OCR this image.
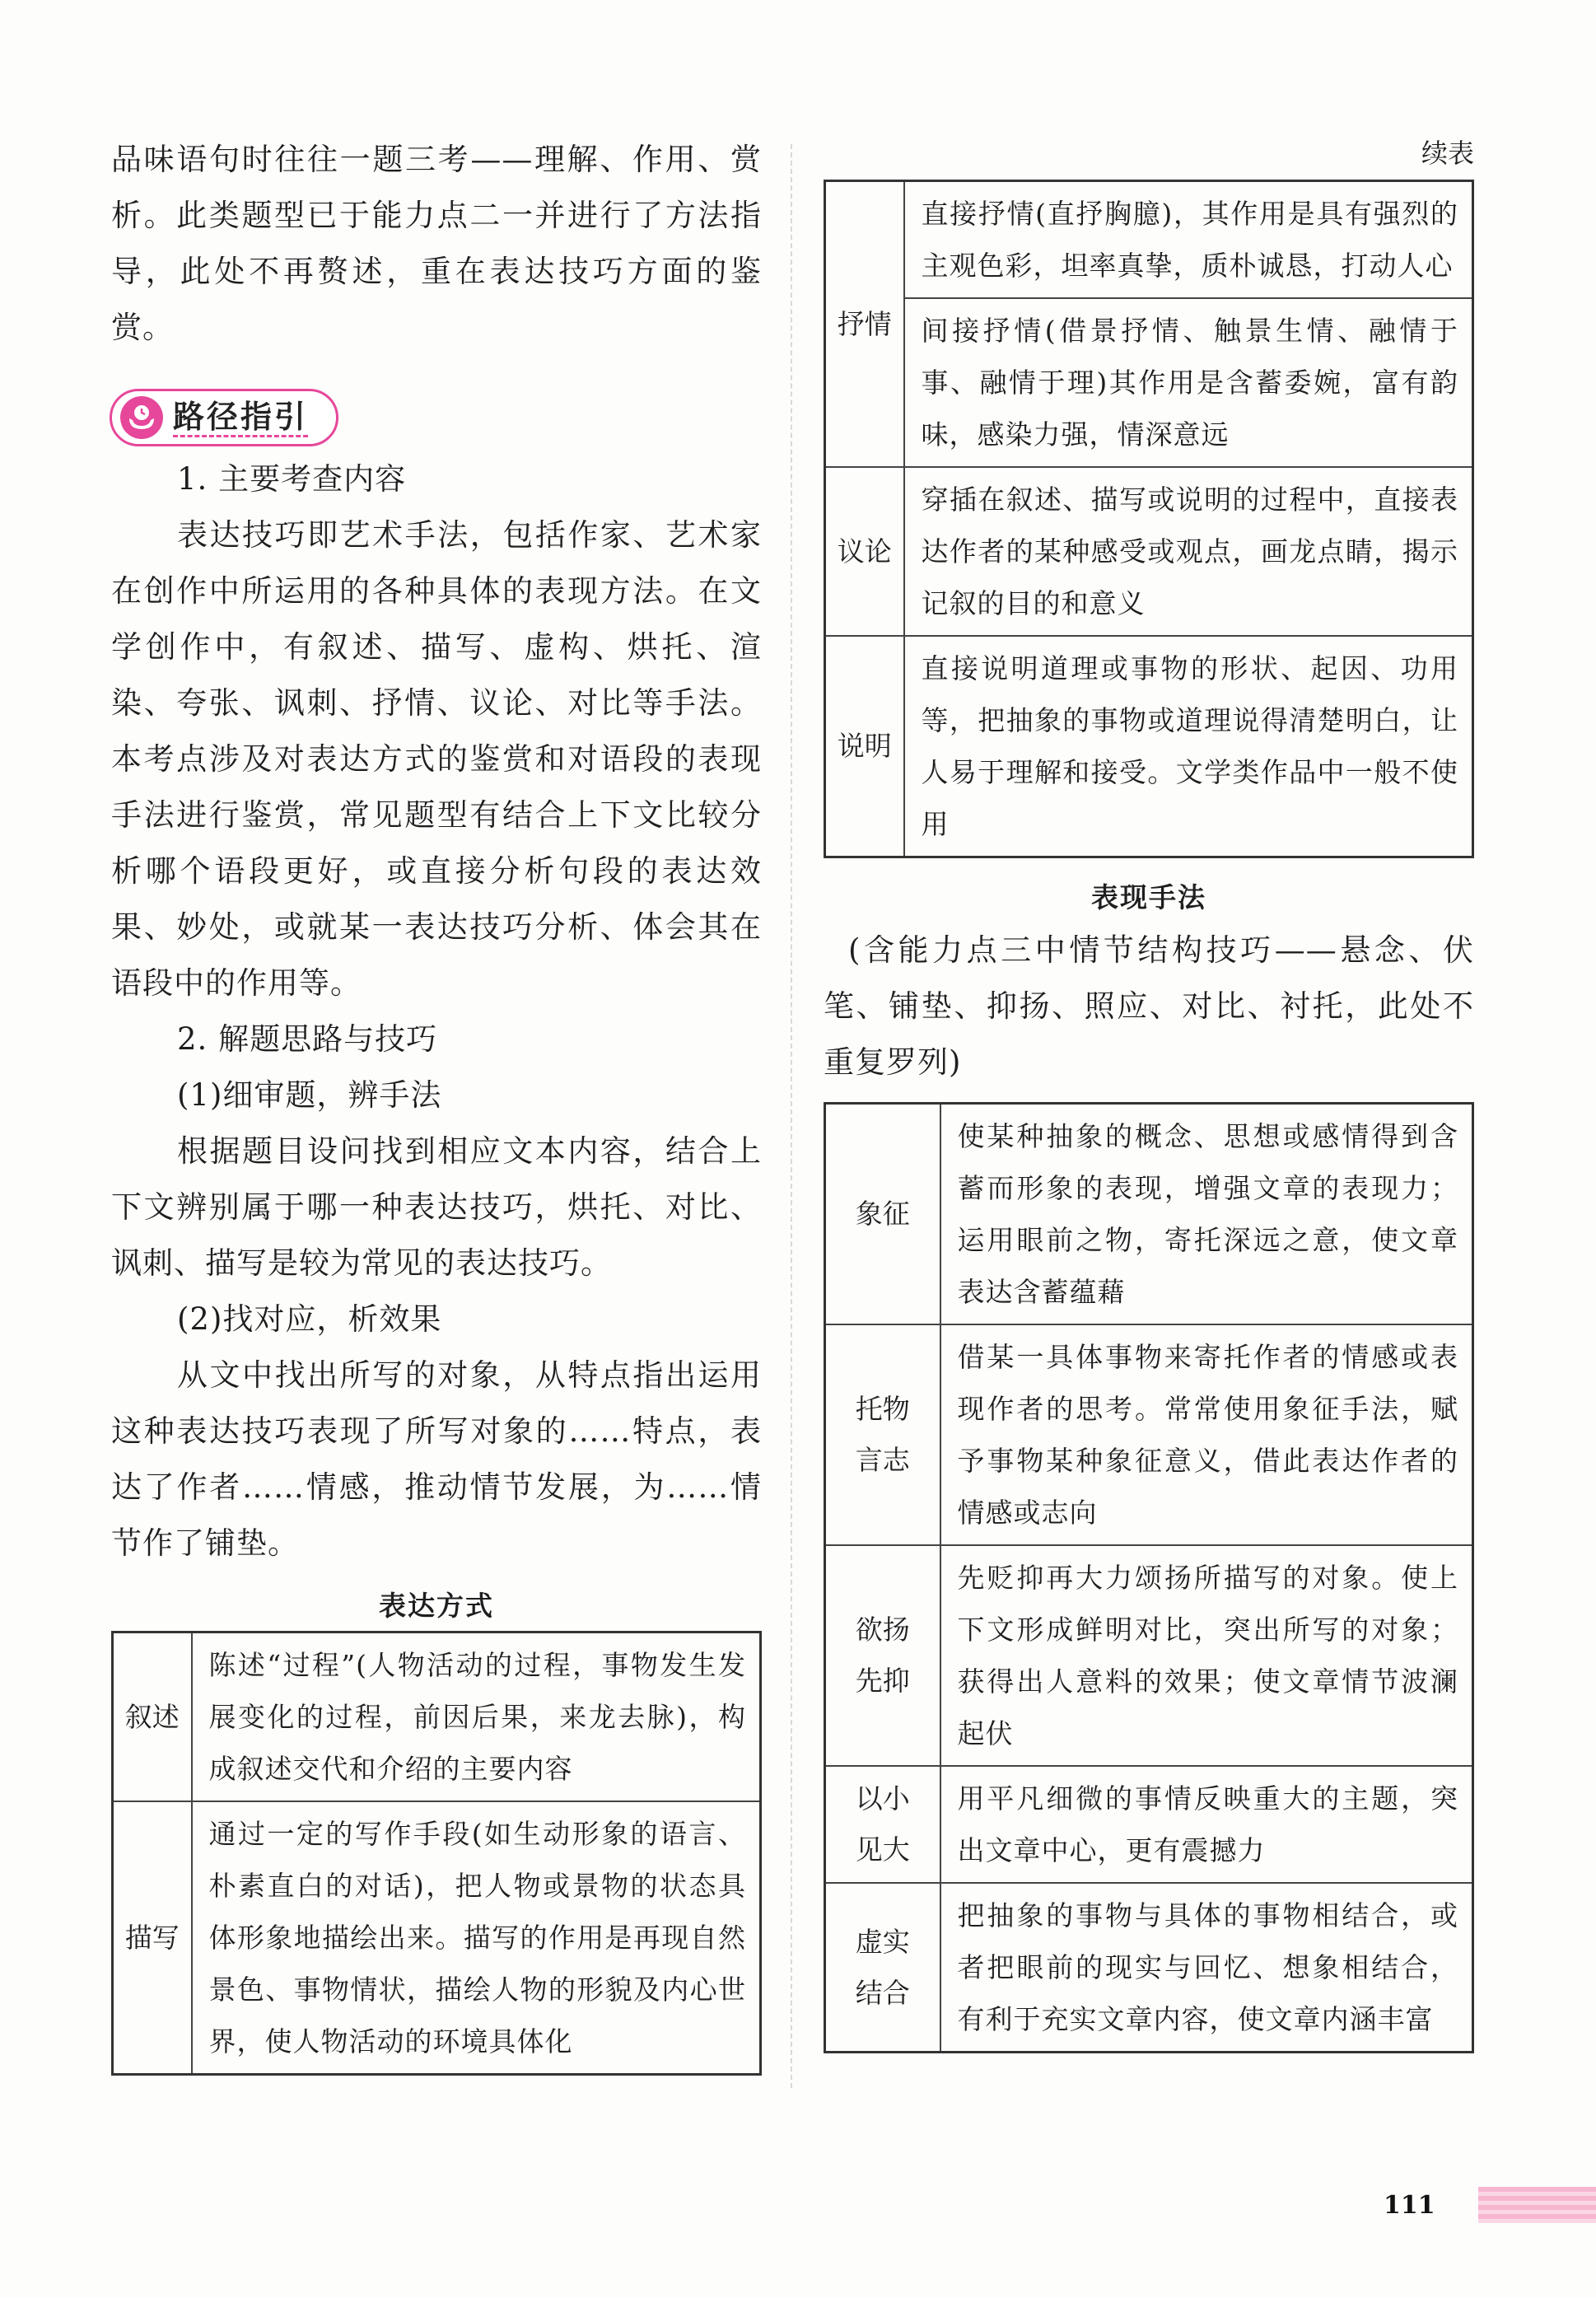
品味语句时往往一题三考——理解、作用、赏析。此类题型已于能力点二一并进行了方法指导，此处不再赘述，重在表达技巧方面的鉴赏。

路径指引

1. 主要考查内容

表达技巧即艺术手法，包括作家、艺术家在创作中所运用的各种具体的表现方法。在文学创作中，有叙述、描写、虚构、烘托、渲染、夸张、讽刺、抒情、议论、对比等手法。本考点涉及对表达方式的鉴赏和对语段的表现手法进行鉴赏，常见题型有结合上下文比较分析哪个语段更好，或直接分析句段的表达效果、妙处，或就某一表达技巧分析、体会其在语段中的作用等。

2. 解题思路与技巧

(1)细审题，辨手法

根据题目设问找到相应文本内容，结合上下文辨别属于哪一种表达技巧，烘托、对比、讽刺、描写是较为常见的表达技巧。

(2)找对应，析效果

从文中找出所写的对象，从特点指出运用这种表达技巧表现了所写对象的……特点，表达了作者……情感，推动情节发展，为……情节作了铺垫。

表达方式
叙述	陈述“过程”(人物活动的过程，事物发生发展变化的过程，前因后果，来龙去脉)，构成叙述交代和介绍的主要内容
描写	通过一定的写作手段(如生动形象的语言、朴素直白的对话)，把人物或景物的状态具体形象地描绘出来。描写的作用是再现自然景色、事物情状，描绘人物的形貌及内心世界，使人物活动的环境具体化
续表
抒情	直接抒情(直抒胸臆)，其作用是具有强烈的主观色彩，坦率真挚，质朴诚恳，打动人心
	间接抒情(借景抒情、触景生情、融情于事、融情于理)其作用是含蓄委婉，富有韵味，感染力强，情深意远
议论	穿插在叙述、描写或说明的过程中，直接表达作者的某种感受或观点，画龙点睛，揭示记叙的目的和意义
说明	直接说明道理或事物的形状、起因、功用等，把抽象的事物或道理说得清楚明白，让人易于理解和接受。文学类作品中一般不使用
表现手法

(含能力点三中情节结构技巧——悬念、伏笔、铺垫、抑扬、照应、对比、衬托，此处不重复罗列)

象征	使某种抽象的概念、思想或感情得到含蓄而形象的表现，增强文章的表现力；运用眼前之物，寄托深远之意，使文章表达含蓄蕴藉
托物言志	借某一具体事物来寄托作者的情感或表现作者的思考。常常使用象征手法，赋予事物某种象征意义，借此表达作者的情感或志向
欲扬先抑	先贬抑再大力颂扬所描写的对象。使上下文形成鲜明对比，突出所写的对象；获得出人意料的效果；使文章情节波澜起伏
以小见大	用平凡细微的事情反映重大的主题，突出文章中心，更有震撼力
虚实结合	把抽象的事物与具体的事物相结合，或者把眼前的现实与回忆、想象相结合，有利于充实文章内容，使文章内涵丰富
111
